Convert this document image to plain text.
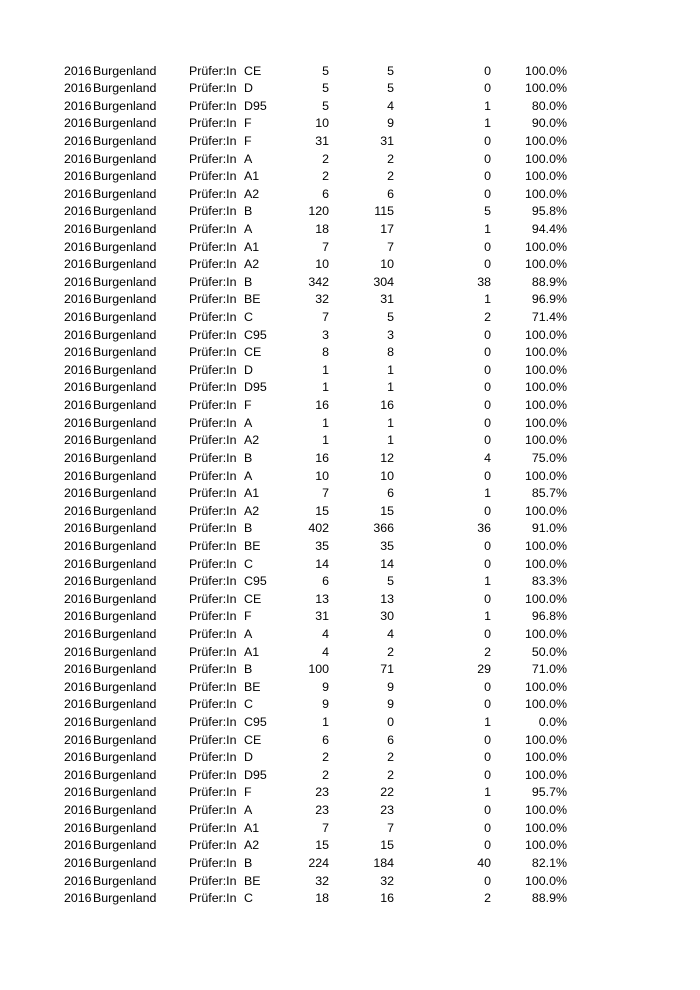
2016 Burgenland	Prüfer:In CE	5	5	0	100.0%
2016 Burgenland	Prüfer:In D	5	5	0	100.0%
2016 Burgenland	Prüfer:In D95	5	4	1	80.0%
2016 Burgenland	Prüfer:In F	10	9	1	90.0%
2016 Burgenland	Prüfer:In F	31	31	0	100.0%
2016 Burgenland	Prüfer:In A	2	2	0	100.0%
2016 Burgenland	Prüfer:In A1	2	2	0	100.0%
2016 Burgenland	Prüfer:In A2	6	6	0	100.0%
2016 Burgenland	Prüfer:In B	120	115	5	95.8%
2016 Burgenland	Prüfer:In A	18	17	1	94.4%
2016 Burgenland	Prüfer:In A1	7	7	0	100.0%
2016 Burgenland	Prüfer:In A2	10	10	0	100.0%
2016 Burgenland	Prüfer:In B	342	304	38	88.9%
2016 Burgenland	Prüfer:In BE	32	31	1	96.9%
2016 Burgenland	Prüfer:In C	7	5	2	71.4%
2016 Burgenland	Prüfer:In C95	3	3	0	100.0%
2016 Burgenland	Prüfer:In CE	8	8	0	100.0%
2016 Burgenland	Prüfer:In D	1	1	0	100.0%
2016 Burgenland	Prüfer:In D95	1	1	0	100.0%
2016 Burgenland	Prüfer:In F	16	16	0	100.0%
2016 Burgenland	Prüfer:In A	1	1	0	100.0%
2016 Burgenland	Prüfer:In A2	1	1	0	100.0%
2016 Burgenland	Prüfer:In B	16	12	4	75.0%
2016 Burgenland	Prüfer:In A	10	10	0	100.0%
2016 Burgenland	Prüfer:In A1	7	6	1	85.7%
2016 Burgenland	Prüfer:In A2	15	15	0	100.0%
2016 Burgenland	Prüfer:In B	402	366	36	91.0%
2016 Burgenland	Prüfer:In BE	35	35	0	100.0%
2016 Burgenland	Prüfer:In C	14	14	0	100.0%
2016 Burgenland	Prüfer:In C95	6	5	1	83.3%
2016 Burgenland	Prüfer:In CE	13	13	0	100.0%
2016 Burgenland	Prüfer:In F	31	30	1	96.8%
2016 Burgenland	Prüfer:In A	4	4	0	100.0%
2016 Burgenland	Prüfer:In A1	4	2	2	50.0%
2016 Burgenland	Prüfer:In B	100	71	29	71.0%
2016 Burgenland	Prüfer:In BE	9	9	0	100.0%
2016 Burgenland	Prüfer:In C	9	9	0	100.0%
2016 Burgenland	Prüfer:In C95	1	0	1	0.0%
2016 Burgenland	Prüfer:In CE	6	6	0	100.0%
2016 Burgenland	Prüfer:In D	2	2	0	100.0%
2016 Burgenland	Prüfer:In D95	2	2	0	100.0%
2016 Burgenland	Prüfer:In F	23	22	1	95.7%
2016 Burgenland	Prüfer:In A	23	23	0	100.0%
2016 Burgenland	Prüfer:In A1	7	7	0	100.0%
2016 Burgenland	Prüfer:In A2	15	15	0	100.0%
2016 Burgenland	Prüfer:In B	224	184	40	82.1%
2016 Burgenland	Prüfer:In BE	32	32	0	100.0%
2016 Burgenland	Prüfer:In C	18	16	2	88.9%
